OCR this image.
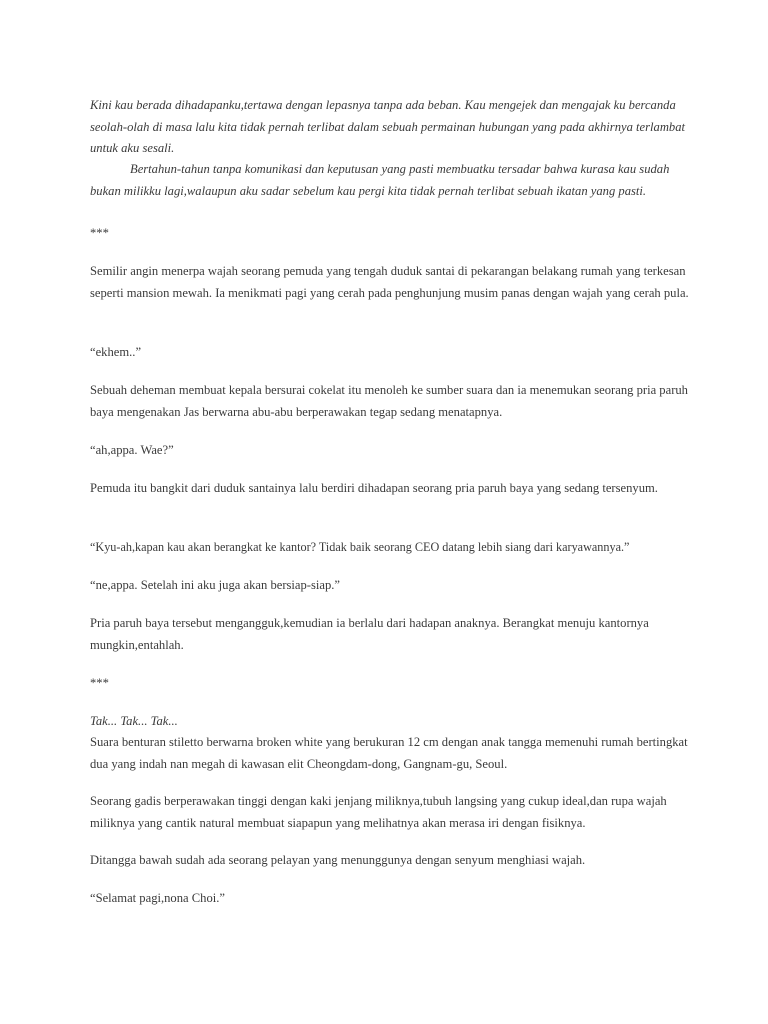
Kini kau berada dihadapanku,tertawa dengan lepasnya tanpa ada beban. Kau mengejek dan mengajak ku bercanda seolah-olah di masa lalu kita tidak pernah terlibat dalam sebuah permainan hubungan yang pada akhirnya terlambat untuk aku sesali.

Bertahun-tahun tanpa komunikasi dan keputusan yang pasti membuatku tersadar bahwa kurasa kau sudah bukan milikku lagi,walaupun aku sadar sebelum kau pergi kita tidak pernah terlibat sebuah ikatan yang pasti.

***

Semilir angin menerpa wajah seorang pemuda yang tengah duduk santai di pekarangan belakang rumah yang terkesan seperti mansion mewah. Ia menikmati pagi yang cerah pada penghunjung musim panas dengan wajah yang cerah pula.

“ekhem..”

Sebuah deheman membuat kepala bersurai cokelat itu menoleh ke sumber suara dan ia menemukan seorang pria paruh baya mengenakan Jas berwarna abu-abu berperawakan tegap sedang menatapnya.

“ah,appa. Wae?”

Pemuda itu bangkit dari duduk santainya lalu berdiri dihadapan seorang pria paruh baya yang sedang tersenyum.

“Kyu-ah,kapan kau akan berangkat ke kantor? Tidak baik seorang CEO datang lebih siang dari karyawannya.”

“ne,appa. Setelah ini aku juga akan bersiap-siap.”

Pria paruh baya tersebut mengangguk,kemudian ia berlalu dari hadapan anaknya. Berangkat menuju kantornya mungkin,entahlah.

***

Tak... Tak... Tak...

Suara benturan stiletto berwarna broken white yang berukuran 12 cm dengan anak tangga memenuhi rumah bertingkat dua yang indah nan megah di kawasan elit Cheongdam-dong, Gangnam-gu, Seoul.

Seorang gadis berperawakan tinggi dengan kaki jenjang miliknya,tubuh langsing yang cukup ideal,dan rupa wajah miliknya yang cantik natural membuat siapapun yang melihatnya akan merasa iri dengan fisiknya.

Ditangga bawah sudah ada seorang pelayan yang menunggunya dengan senyum menghiasi wajah.

“Selamat pagi,nona Choi.”
